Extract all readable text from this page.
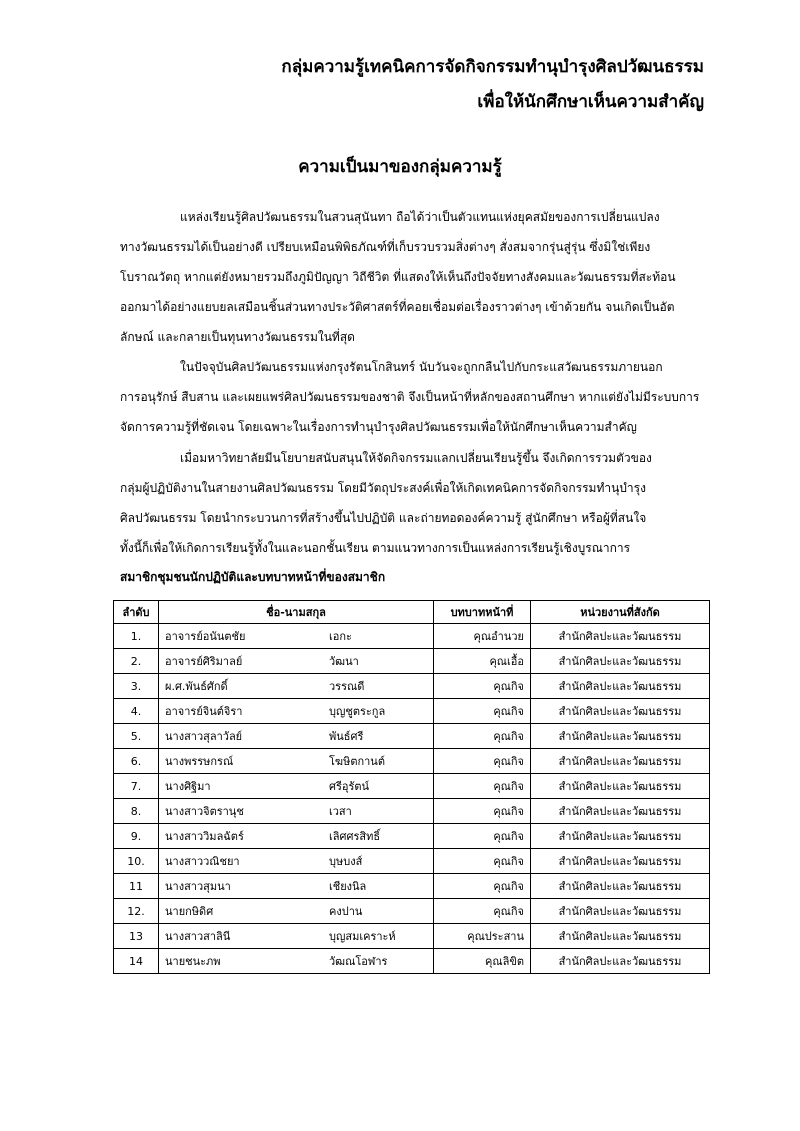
กลุ่มความรู้เทคนิคการจัดกิจกรรมทำนุบำรุงศิลปวัฒนธรรม
เพื่อให้นักศึกษาเห็นความสำคัญ
ความเป็นมาของกลุ่มความรู้
แหล่งเรียนรู้ศิลปวัฒนธรรมในสวนสุนันทา ถือได้ว่าเป็นตัวแทนแห่งยุคสมัยของการเปลี่ยนแปลง
ทางวัฒนธรรมได้เป็นอย่างดี เปรียบเหมือนพิพิธภัณฑ์ที่เก็บรวบรวมสิ่งต่างๆ สั่งสมจากรุ่นสู่รุ่น ซึ่งมิใช่เพียง
โบราณวัตถุ หากแต่ยังหมายรวมถึงภูมิปัญญา วิถีชีวิต ที่แสดงให้เห็นถึงปัจจัยทางสังคมและวัฒนธรรมที่สะท้อน
ออกมาได้อย่างแยบยลเสมือนชิ้นส่วนทางประวัติศาสตร์ที่คอยเชื่อมต่อเรื่องราวต่างๆ เข้าด้วยกัน จนเกิดเป็นอัต
ลักษณ์ และกลายเป็นทุนทางวัฒนธรรมในที่สุด
ในปัจจุบันศิลปวัฒนธรรมแห่งกรุงรัตนโกสินทร์ นับวันจะถูกกลืนไปกับกระแสวัฒนธรรมภายนอก
การอนุรักษ์ สืบสาน และเผยแพร่ศิลปวัฒนธรรมของชาติ จึงเป็นหน้าที่หลักของสถานศึกษา หากแต่ยังไม่มีระบบการ
จัดการความรู้ที่ชัดเจน โดยเฉพาะในเรื่องการทำนุบำรุงศิลปวัฒนธรรมเพื่อให้นักศึกษาเห็นความสำคัญ
เมื่อมหาวิทยาลัยมีนโยบายสนับสนุนให้จัดกิจกรรมแลกเปลี่ยนเรียนรู้ขึ้น จึงเกิดการรวมตัวของ
กลุ่มผู้ปฏิบัติงานในสายงานศิลปวัฒนธรรม โดยมีวัตถุประสงค์เพื่อให้เกิดเทคนิคการจัดกิจกรรมทำนุบำรุง
ศิลปวัฒนธรรม โดยนำกระบวนการที่สร้างขึ้นไปปฏิบัติ และถ่ายทอดองค์ความรู้ สู่นักศึกษา หรือผู้ที่สนใจ
ทั้งนี้ก็เพื่อให้เกิดการเรียนรู้ทั้งในและนอกชั้นเรียน ตามแนวทางการเป็นแหล่งการเรียนรู้เชิงบูรณาการ
สมาชิกชุมชนนักปฏิบัติและบทบาทหน้าที่ของสมาชิก
ลำดับ	ชื่อ-นามสกุล	บทบาทหน้าที่	หน่วยงานที่สังกัด
1.	อาจารย์อนันตชัย เอกะ	คุณอำนวย	สำนักศิลปะและวัฒนธรรม
2.	อาจารย์ศิริมาลย์ วัฒนา	คุณเอื้อ	สำนักศิลปะและวัฒนธรรม
3.	ผ.ศ.พันธ์ศักดิ์ วรรณดี	คุณกิจ	สำนักศิลปะและวัฒนธรรม
4.	อาจารย์จินต์จิรา บุญชูตระกูล	คุณกิจ	สำนักศิลปะและวัฒนธรรม
5.	นางสาวสุลาวัลย์ พันธ์ศรี	คุณกิจ	สำนักศิลปะและวัฒนธรรม
6.	นางพรรษกรณ์ โฆษิตกานต์	คุณกิจ	สำนักศิลปะและวัฒนธรรม
7.	นางศิฐิมา ศรีอุรัตน์	คุณกิจ	สำนักศิลปะและวัฒนธรรม
8.	นางสาวจิตรานุช เวสา	คุณกิจ	สำนักศิลปะและวัฒนธรรม
9.	นางสาววิมลฉัตร์ เลิศศรสิทธิ์	คุณกิจ	สำนักศิลปะและวัฒนธรรม
10.	นางสาววณิชยา บุษบงส์	คุณกิจ	สำนักศิลปะและวัฒนธรรม
11	นางสาวสุมนา เชียงนิล	คุณกิจ	สำนักศิลปะและวัฒนธรรม
12.	นายกษิดิศ คงปาน	คุณกิจ	สำนักศิลปะและวัฒนธรรม
13	นางสาวสาลินี บุญสมเคราะห์	คุณประสาน	สำนักศิลปะและวัฒนธรรม
14	นายชนะภพ วัฒณโอฬาร	คุณลิขิต	สำนักศิลปะและวัฒนธรรม
